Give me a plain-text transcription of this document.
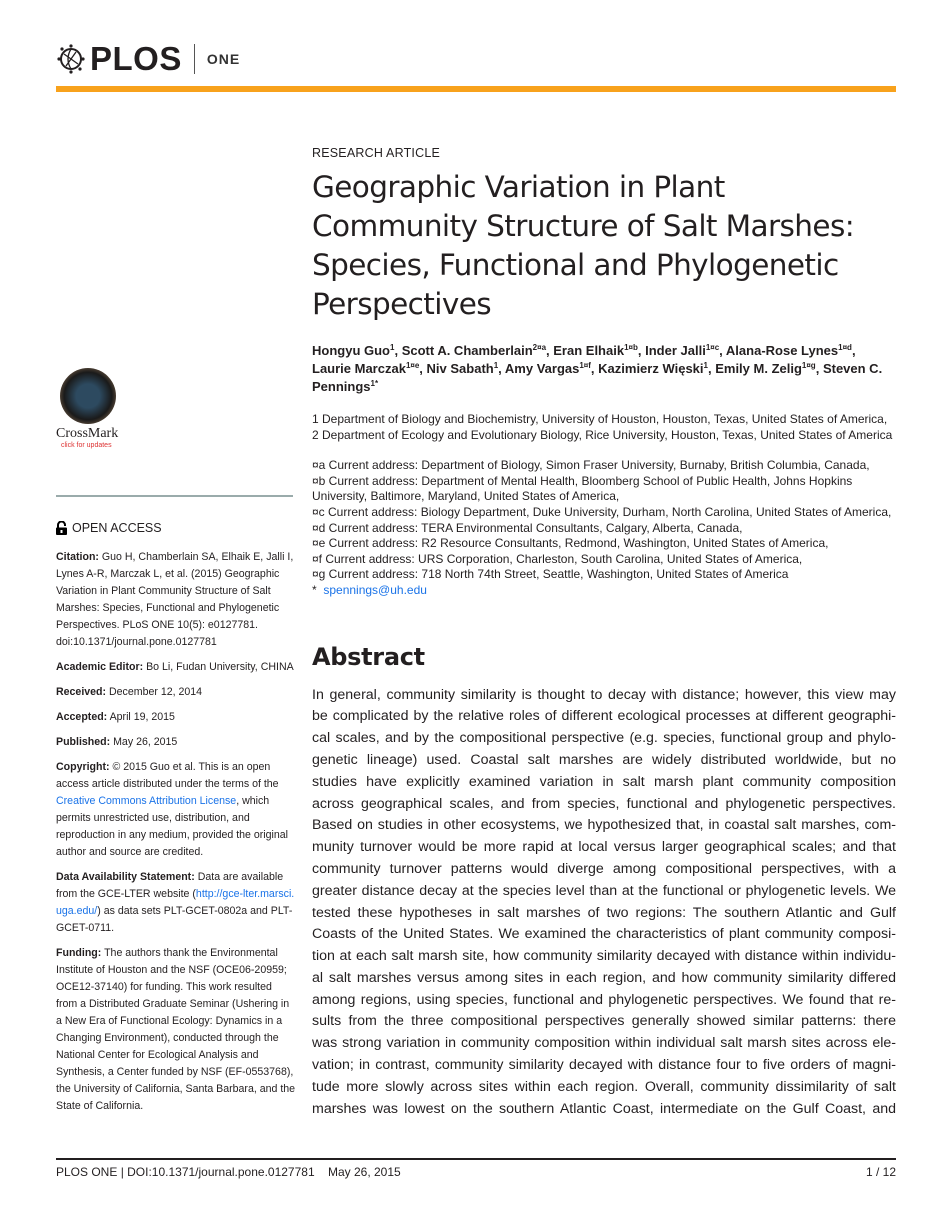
PLOS ONE
CrossMark
click for updates
OPEN ACCESS

Citation: Guo H, Chamberlain SA, Elhaik E, Jalli I, Lynes A-R, Marczak L, et al. (2015) Geographic Variation in Plant Community Structure of Salt Marshes: Species, Functional and Phylogenetic Perspectives. PLoS ONE 10(5): e0127781. doi:10.1371/journal.pone.0127781

Academic Editor: Bo Li, Fudan University, CHINA

Received: December 12, 2014

Accepted: April 19, 2015

Published: May 26, 2015

Copyright: © 2015 Guo et al. This is an open access article distributed under the terms of the Creative Commons Attribution License, which permits unrestricted use, distribution, and reproduction in any medium, provided the original author and source are credited.

Data Availability Statement: Data are available from the GCE-LTER website (http://gce-lter.marsci.uga.edu/) as data sets PLT-GCET-0802a and PLT-GCET-0711.

Funding: The authors thank the Environmental Institute of Houston and the NSF (OCE06-20959; OCE12-37140) for funding. This work resulted from a Distributed Graduate Seminar (Ushering in a New Era of Functional Ecology: Dynamics in a Changing Environment), conducted through the National Center for Ecological Analysis and Synthesis, a Center funded by NSF (EF-0553768), the University of California, Santa Barbara, and the State of California.

RESEARCH ARTICLE
Geographic Variation in Plant Community Structure of Salt Marshes: Species, Functional and Phylogenetic Perspectives
Hongyu Guo$^1$, Scott A. Chamberlain$^{2¤a}$, Eran Elhaik$^{1¤b}$, Inder Jalli$^{1¤c}$, Alana-Rose Lynes$^{1¤d}$, Laurie Marczak$^{1¤e}$, Niv Sabath$^1$, Amy Vargas$^{1¤f}$, Kazimierz Więski$^1$, Emily M. Zelig$^{1¤g}$, Steven C. Pennings$^{1*}$
1 Department of Biology and Biochemistry, University of Houston, Houston, Texas, United States of America, 2 Department of Ecology and Evolutionary Biology, Rice University, Houston, Texas, United States of America
¤a Current address: Department of Biology, Simon Fraser University, Burnaby, British Columbia, Canada,
¤b Current address: Department of Mental Health, Bloomberg School of Public Health, Johns Hopkins University, Baltimore, Maryland, United States of America,
¤c Current address: Biology Department, Duke University, Durham, North Carolina, United States of America,
¤d Current address: TERA Environmental Consultants, Calgary, Alberta, Canada,
¤e Current address: R2 Resource Consultants, Redmond, Washington, United States of America,
¤f Current address: URS Corporation, Charleston, South Carolina, United States of America,
¤g Current address: 718 North 74th Street, Seattle, Washington, United States of America
* spennings@uh.edu
Abstract
In general, community similarity is thought to decay with distance; however, this view may
be complicated by the relative roles of different ecological processes at different geographi-
cal scales, and by the compositional perspective (e.g. species, functional group and phylo-
genetic lineage) used. Coastal salt marshes are widely distributed worldwide, but no
studies have explicitly examined variation in salt marsh plant community composition
across geographical scales, and from species, functional and phylogenetic perspectives.
Based on studies in other ecosystems, we hypothesized that, in coastal salt marshes, com-
munity turnover would be more rapid at local versus larger geographical scales; and that
community turnover patterns would diverge among compositional perspectives, with a
greater distance decay at the species level than at the functional or phylogenetic levels. We
tested these hypotheses in salt marshes of two regions: The southern Atlantic and Gulf
Coasts of the United States. We examined the characteristics of plant community composi-
tion at each salt marsh site, how community similarity decayed with distance within individu-
al salt marshes versus among sites in each region, and how community similarity differed
among regions, using species, functional and phylogenetic perspectives. We found that re-
sults from the three compositional perspectives generally showed similar patterns: there
was strong variation in community composition within individual salt marsh sites across ele-
vation; in contrast, community similarity decayed with distance four to five orders of magni-
tude more slowly across sites within each region. Overall, community dissimilarity of salt
marshes was lowest on the southern Atlantic Coast, intermediate on the Gulf Coast, and
PLOS ONE | DOI:10.1371/journal.pone.0127781 May 26, 2015	1 / 12
